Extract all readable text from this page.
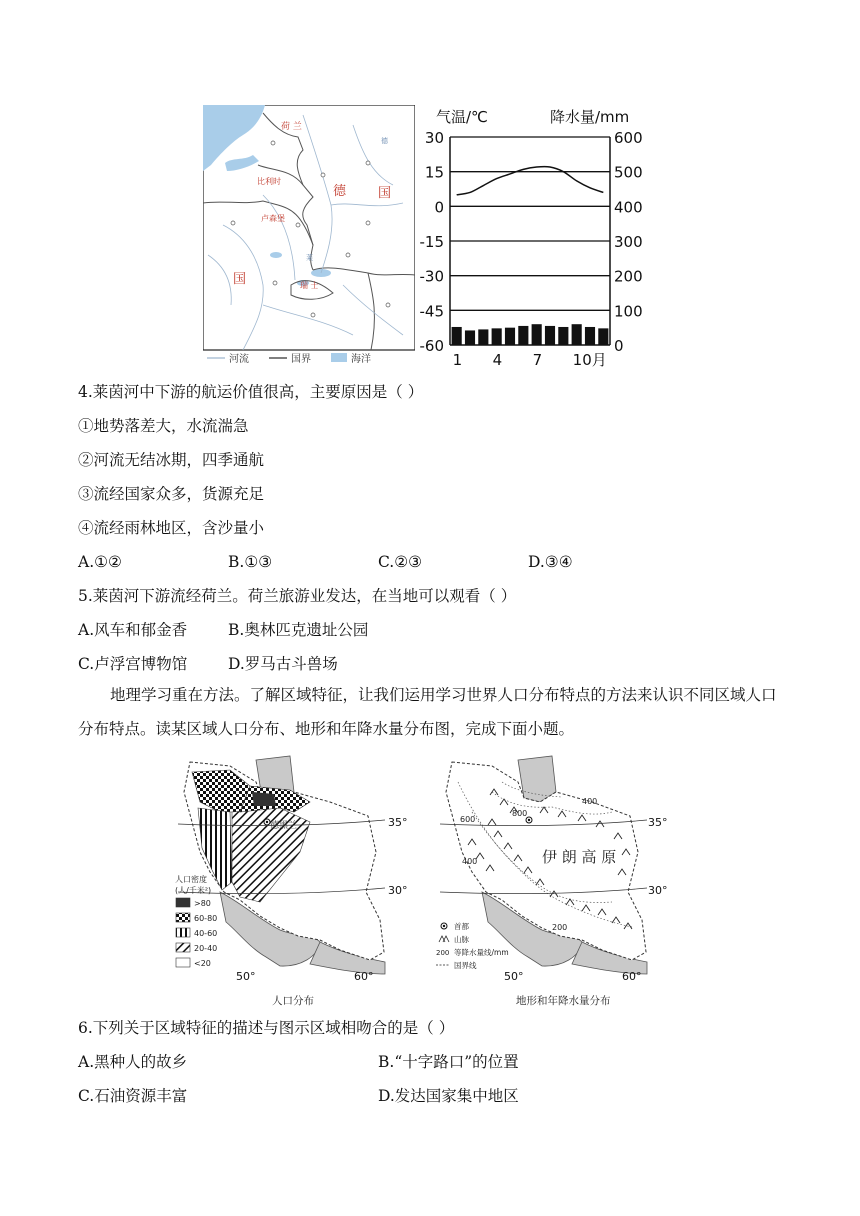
荷 兰
比利时
卢森堡
德 国
国	瑞 士
德
莱
河流	国界	海洋
气温/℃	降水量/mm
30
15
0
-15
-30
-45
-60
600
500
400
300
200
100
0
1 4 7 10月
4.莱茵河中下游的航运价值很高，主要原因是（ ）
①地势落差大，水流湍急
②河流无结冰期，四季通航
③流经国家众多，货源充足
④流经雨林地区，含沙量小
A.①②	B.①③	C.②③	D.③④
5.莱茵河下游流经荷兰。荷兰旅游业发达，在当地可以观看（ ）
A.风车和郁金香	B.奥林匹克遗址公园
C.卢浮宫博物馆	D.罗马古斗兽场
地理学习重在方法。了解区域特征，让我们运用学习世界人口分布特点的方法来认识不同区域人口分布特点。读某区域人口分布、地形和年降水量分布图，完成下面小题。
德黑兰	35°
30°
50°	60°
人口密度
(人/千米²)
>80
60-80
40-60
20-40
<20
人口分布
伊 朗 高 原
600
800
400
400
200
35°
30°
50°	60°
首都
山脉
200 等降水量线/mm
国界线
地形和年降水量分布
6.下列关于区域特征的描述与图示区域相吻合的是（ ）
A.黑种人的故乡	B.“十字路口”的位置
C.石油资源丰富	D.发达国家集中地区
